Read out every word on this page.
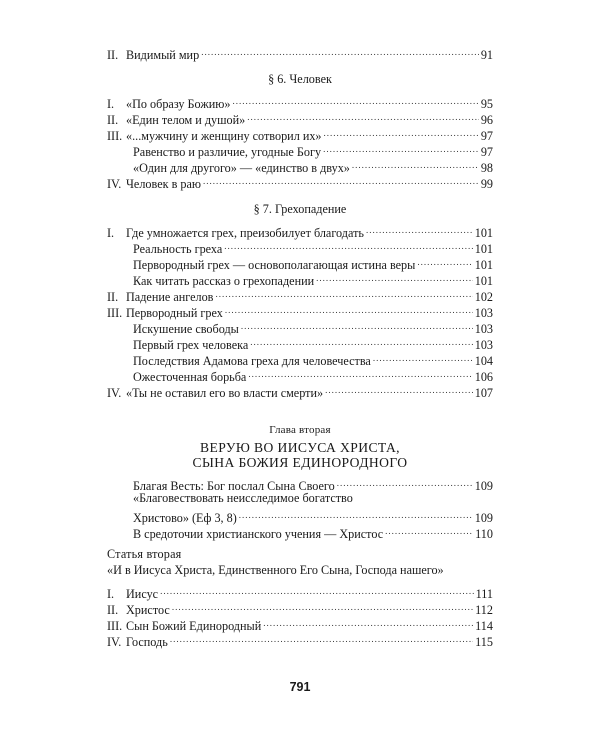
II. Видимый мир .....	91
§ 6. Человек
I. «По образу Божию» .....	95
II. «Един телом и душой» .....	96
III. «...мужчину и женщину сотворил их» .....	97
Равенство и различие, угодные Богу .....	97
«Один для другого» — «единство в двух» .....	98
IV. Человек в раю .....	99
§ 7. Грехопадение
I. Где умножается грех, преизобилует благодать .....	101
Реальность греха .....	101
Первородный грех — основополагающая истина веры .....	101
Как читать рассказ о грехопадении .....	101
II. Падение ангелов .....	102
III. Первородный грех .....	103
Искушение свободы .....	103
Первый грех человека .....	103
Последствия Адамова греха для человечества .....	104
Ожесточенная борьба .....	106
IV. «Ты не оставил его во власти смерти» .....	107
Глава вторая
ВЕРУЮ ВО ИИСУСА ХРИСТА,
СЫНА БОЖИЯ ЕДИНОРОДНОГО
Благая Весть: Бог послал Сына Своего .....	109
«Благовествовать неисследимое богатство
Христово» (Еф 3, 8) .....	109
В средоточии христианского учения — Христос .....	110
Статья вторая
«И в Иисуса Христа, Единственного Его Сына, Господа нашего»
I. Иисус .....	111
II. Христос .....	112
III. Сын Божий Единородный .....	114
IV. Господь .....	115
791
